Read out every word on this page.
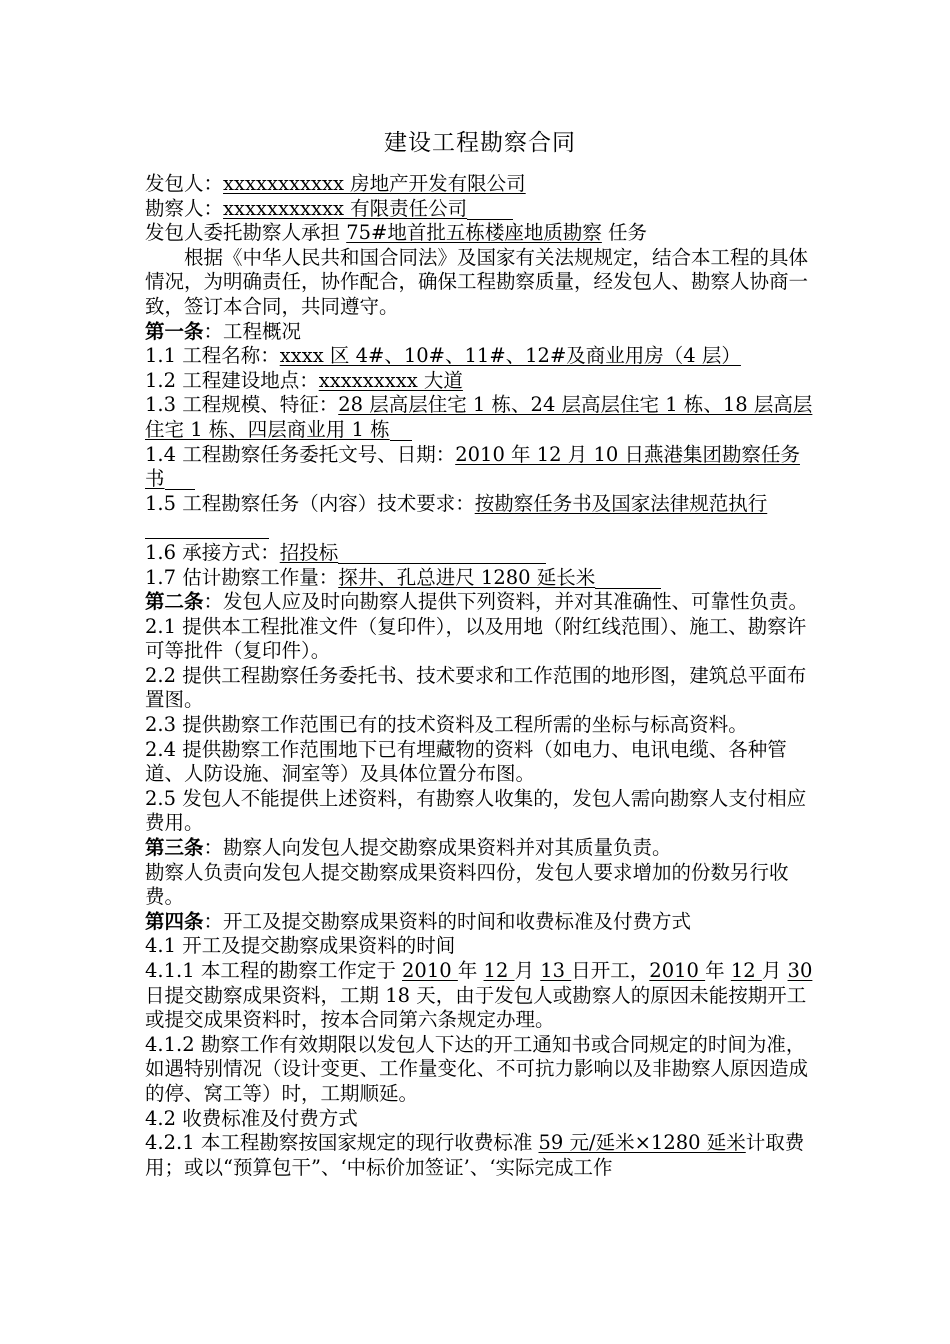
建设工程勘察合同

发包人：xxxxxxxxxxx 房地产开发有限公司

勘察人：xxxxxxxxxxx 有限责任公司

发包人委托勘察人承担 75#地首批五栋楼座地质勘察 任务

根据《中华人民共和国合同法》及国家有关法规规定，结合本工程的具体情况，为明确责任，协作配合，确保工程勘察质量，经发包人、勘察人协商一致，签订本合同，共同遵守。

第一条：工程概况

1.1 工程名称：xxxx 区 4#、10#、11#、12#及商业用房（4 层）

1.2 工程建设地点：xxxxxxxxx 大道

1.3 工程规模、特征：28 层高层住宅 1 栋、24 层高层住宅 1 栋、18 层高层住宅 1 栋、四层商业用 1 栋

1.4 工程勘察任务委托文号、日期：2010 年 12 月 10 日燕港集团勘察任务书

1.5 工程勘察任务（内容）技术要求：按勘察任务书及国家法律规范执行

1.6 承接方式：招投标

1.7 估计勘察工作量：探井、孔总进尺 1280 延长米

第二条：发包人应及时向勘察人提供下列资料，并对其准确性、可靠性负责。

2.1 提供本工程批准文件（复印件），以及用地（附红线范围）、施工、勘察许可等批件（复印件）。

2.2 提供工程勘察任务委托书、技术要求和工作范围的地形图，建筑总平面布置图。

2.3 提供勘察工作范围已有的技术资料及工程所需的坐标与标高资料。

2.4 提供勘察工作范围地下已有埋藏物的资料（如电力、电讯电缆、各种管道、人防设施、洞室等）及具体位置分布图。

2.5 发包人不能提供上述资料，有勘察人收集的，发包人需向勘察人支付相应费用。

第三条：勘察人向发包人提交勘察成果资料并对其质量负责。

勘察人负责向发包人提交勘察成果资料四份，发包人要求增加的份数另行收费。

第四条：开工及提交勘察成果资料的时间和收费标准及付费方式

4.1 开工及提交勘察成果资料的时间

4.1.1 本工程的勘察工作定于 2010 年 12 月 13 日开工，2010 年 12 月 30 日提交勘察成果资料，工期 18 天，由于发包人或勘察人的原因未能按期开工或提交成果资料时，按本合同第六条规定办理。

4.1.2 勘察工作有效期限以发包人下达的开工通知书或合同规定的时间为准，如遇特别情况（设计变更、工作量变化、不可抗力影响以及非勘察人原因造成的停、窝工等）时，工期顺延。

4.2 收费标准及付费方式

4.2.1 本工程勘察按国家规定的现行收费标准 59 元/延米×1280 延米计取费用；或以“预算包干”、‘中标价加签证’、‘实际完成工作
